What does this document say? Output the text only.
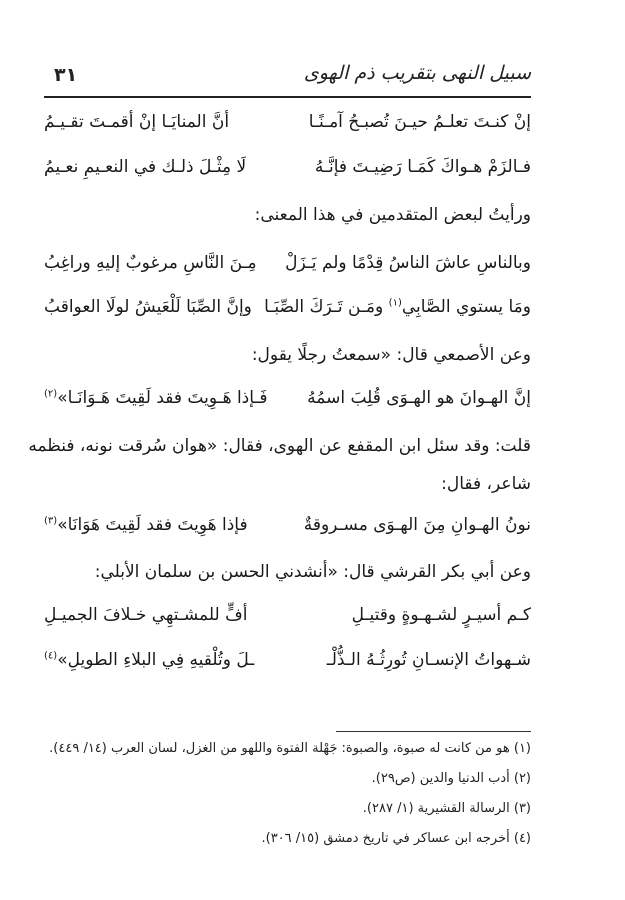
سبيل النهى بتقريب ذم الهوى
٣١
إنْ كنـتَ تعلـمُ حيـنَ تُصبـحُ آمـنًـا
أنَّ المنايَـا إنْ أقمـتَ تقـيـمُ
فـالزَمْ هـواكَ كَمَـا رَضِيـتَ فإنَّـهُ
لَا مِثْـلَ ذلـك في النعـيمِ نعـيمُ
ورأيتُ لبعض المتقدمين في هذا المعنى:
وبالناسِ عاشَ الناسُ قِدْمًا ولم يَـزَلْ
مِـنَ النَّاسِ مرغوبٌ إليهِ وراغِبُ
ومَا يستوي الصَّابِي$^{(١)}$ ومَـن تَـرَكَ الصِّبَـا
وإنَّ الصِّبَا لَلْعَيشُ لولَا العواقبُ
وعن الأصمعي قال: «سمعتُ رجلًا يقول:
إنَّ الهـوانَ هو الهـوَى قُلِبَ اسمُهُ
فَـإذا هَـوِيتَ فقد لَقِيتَ هَـوَانَـا»$^{(٢)}$
قلت: وقد سئل ابن المقفع عن الهوى، فقال: «هوان سُرقت نونه، فنظمه
شاعر، فقال:
نونُ الهـوانِ مِنَ الهـوَى مسـروقةٌ
فإذا هَوِيتَ فقد لَقِيتَ هَوَانَا»$^{(٣)}$
وعن أبي بكر القرشي قال: «أنشدني الحسن بن سلمان الأبلي:
كـم أسيـرٍ لشـهـوةٍ وقتيـلِ
أفٍّ للمشـتهِي خـلافَ الجميـلِ
شـهواتُ الإنسـانِ تُورِثُـهُ الـذُّلْـ
ـلَ وتُلْقيهِ فِي البلاءِ الطويلِ»$^{(٤)}$
(١) هو من كانت له صبوة، والصبوة: جَهْلة الفتوة واللهو من الغزل، لسان العرب (١٤/ ٤٤٩).
(٢) أدب الدنيا والدين (ص٢٩).
(٣) الرسالة القشيرية (١/ ٢٨٧).
(٤) أخرجه ابن عساكر في تاريخ دمشق (١٥/ ٣٠٦).
